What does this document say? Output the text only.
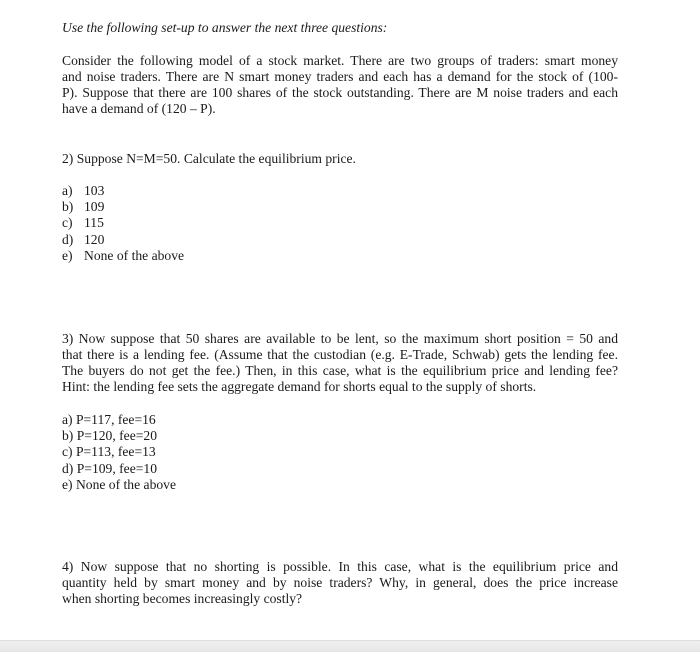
Use the following set-up to answer the next three questions:
Consider the following model of a stock market. There are two groups of traders: smart money
and noise traders. There are N smart money traders and each has a demand for the stock of (100-
P). Suppose that there are 100 shares of the stock outstanding. There are M noise traders and each
have a demand of (120 – P).
2) Suppose N=M=50. Calculate the equilibrium price.
a) 103
b) 109
c) 115
d) 120
e) None of the above
3) Now suppose that 50 shares are available to be lent, so the maximum short position = 50 and
that there is a lending fee. (Assume that the custodian (e.g. E-Trade, Schwab) gets the lending fee.
The buyers do not get the fee.) Then, in this case, what is the equilibrium price and lending fee?
Hint: the lending fee sets the aggregate demand for shorts equal to the supply of shorts.
a) P=117, fee=16
b) P=120, fee=20
c) P=113, fee=13
d) P=109, fee=10
e) None of the above
4) Now suppose that no shorting is possible. In this case, what is the equilibrium price and
quantity held by smart money and by noise traders? Why, in general, does the price increase
when shorting becomes increasingly costly?
